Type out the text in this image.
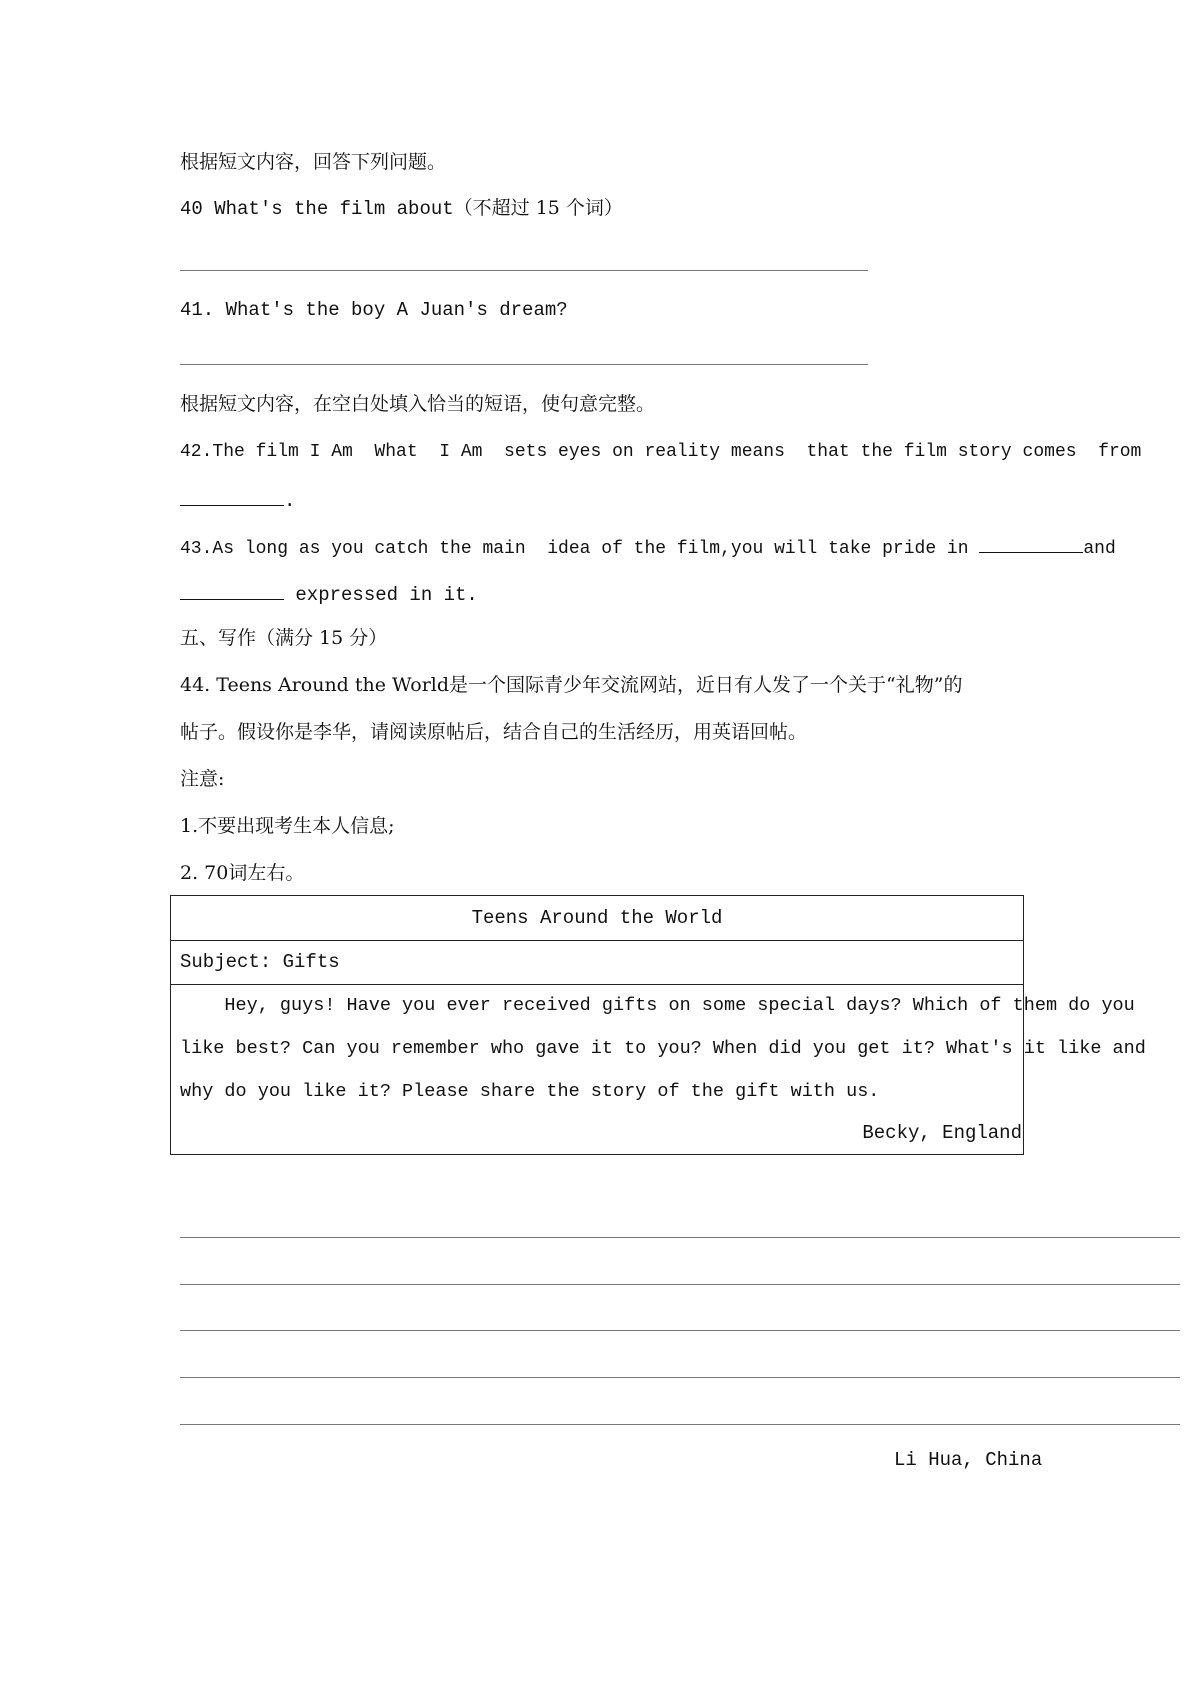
根据短文内容，回答下列问题。
40 What's the film about（不超过 15 个词）
41. What's the boy A Juan's dream?
根据短文内容，在空白处填入恰当的短语，使句意完整。
42.The film I Am  What  I Am  sets eyes on reality means  that the film story comes  from
.
43.As long as you catch the main  idea of the film,you will take pride in	and
expressed in it.
五、写作（满分 15 分）
44. Teens Around the World是一个国际青少年交流网站，近日有人发了一个关于“礼物”的
帖子。假设你是李华，请阅读原帖后，结合自己的生活经历，用英语回帖。
注意:
1.不要出现考生本人信息;
2. 70词左右。
Teens Around the World
Subject: Gifts
Hey, guys! Have you ever received gifts on some special days? Which of them do you
like best? Can you remember who gave it to you? When did you get it? What's it like and
why do you like it? Please share the story of the gift with us.
Becky, England
Li Hua, China
